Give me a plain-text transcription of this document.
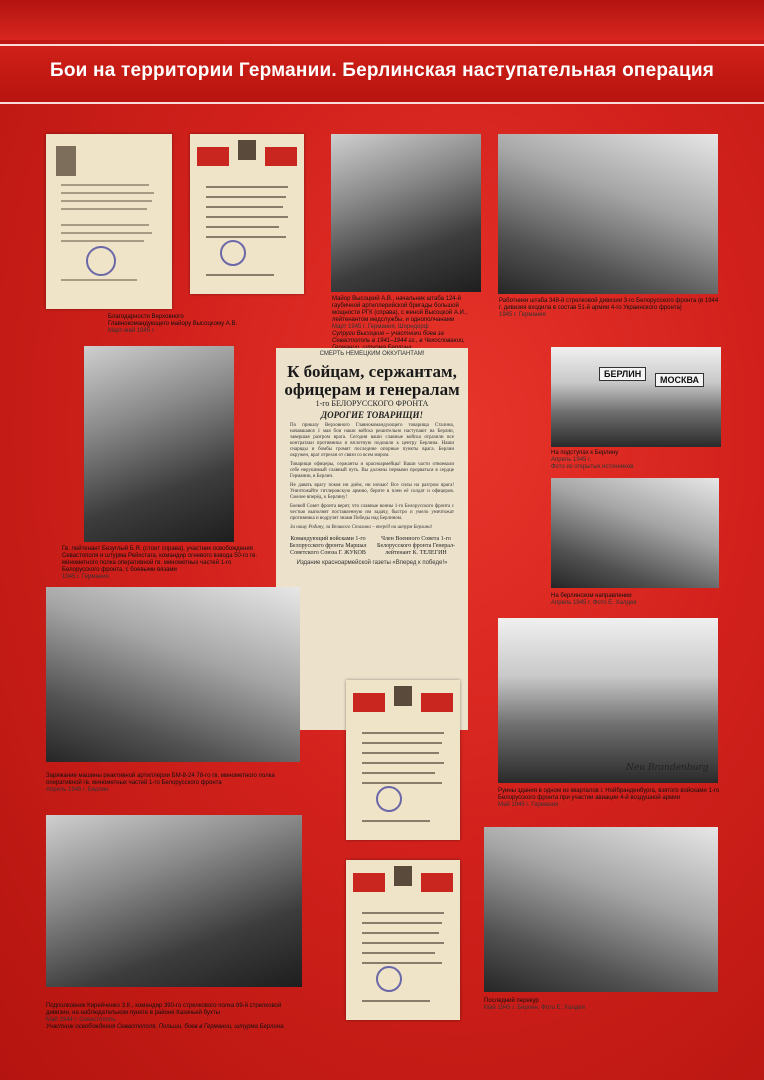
Бои на территории Германии. Берлинская наступательная операция
Благодарности Верховного Главнокомандующего майору Высоцкому А.В.
Март-май 1945 г.
Майор Высоцкий А.В., начальник штаба 124-й гаубичной артиллерийской бригады большой мощности РГК (справа), с женой Высоцкой А.И., лейтенантом медслужбы, и однополчанами
Март 1945 г. Германия, Шорндорф
Супруги Высоцкие – участники боев за Севастополь в 1941–1944 гг., в Чехословакии,
Работники штаба 348-й стрелковой дивизии 3-го Белорусского фронта (в 1944 г. дивизия входила в состав 51-й армии 4-го Украинского фронта)
1945 г. Германия
Гв. лейтенант Безуглый Б.Я. (стоит справа), участник освобождения Севастополя и штурма Рейхстага, командир огневого взвода 50-го гв. минометного полка оперативной гв. минометных частей 1-го Белорусского фронта, с боевыми вязами
1945 г. Германия
СМЕРТЬ НЕМЕЦКИМ ОККУПАНТАМ!
К бойцам, сержантам, офицерам и генералам
1-го БЕЛОРУССКОГО ФРОНТА
ДОРОГИЕ ТОВАРИЩИ!
По приказу Верховного Главнокомандующего товарища Сталина, начавшаяся 1 мая бои наши войска решительно наступают на Берлин, завершая разгром врага. Сегодня ваши славные войска отразили все контратаки противника и вплотную подошли к центру Берлина. Наши снаряды и бомбы громят последние опорные пункты врага. Берлин окружен, враг отрезан от связи со всем миром.
Товарищи офицеры, сержанты и красноармейцы! Ваши части отвоевали себе нерушимый славный путь. Вы должны первыми прорваться в сердце Германии, в Берлин.
Не давать врагу покоя ни днём, ни ночью! Все силы на разгром врага! Уничтожайте гитлеровскую армию, берите в плен её солдат и офицеров. Смелее вперёд, к Берлину!
Боевой Совет фронта верит, что славные воины 1-го Белорусского фронта с честью выполнят поставленную им задачу, быстро и умело уничтожат противника и водрузят знамя Победы над Берлином.
За нашу Родину, за Великого Сталина – вперёд на штурм Берлина!
Командующий войсками 1-го Белорусского фронта Маршал Советского Союза Г. ЖУКОВ
Член Военного Совета 1-го Белорусского фронта Генерал-лейтенант К. ТЕЛЕГИН
Издание красноармейской газеты «Вперед к победе!»
БЕРЛИН
МОСКВА
На подступах к Берлину
Апрель 1945 г.
Фото из открытых источников
На берлинском направлении
Апрель 1945 г. Фото Е. Халдея
Заряжание машины реактивной артиллерии БМ-8-24 78-го гв. минометного полка оперативной гв. минометных частей 1-го Белорусского фронта
Апрель 1945 г. Берлин
Neu Brandenburg
Руины здания в одном из кварталов г. Нойбранденбурга, взятого войсками 1-го Белорусского фронта при участии авиации 4-й воздушной армии
Май 1945 г. Германия
Подполковник Кирейченко З.К., командир 390-го стрелкового полка 89-й стрелковой дивизии, на наблюдательном пункте в районе Казачьей бухты
Май 1944 г. Севастополь
Участник освобождения Севастополя, Польши, боев в Германии, штурма Берлина.
Последний перекур
Май 1945 г. Берлин. Фото Е. Халдея
